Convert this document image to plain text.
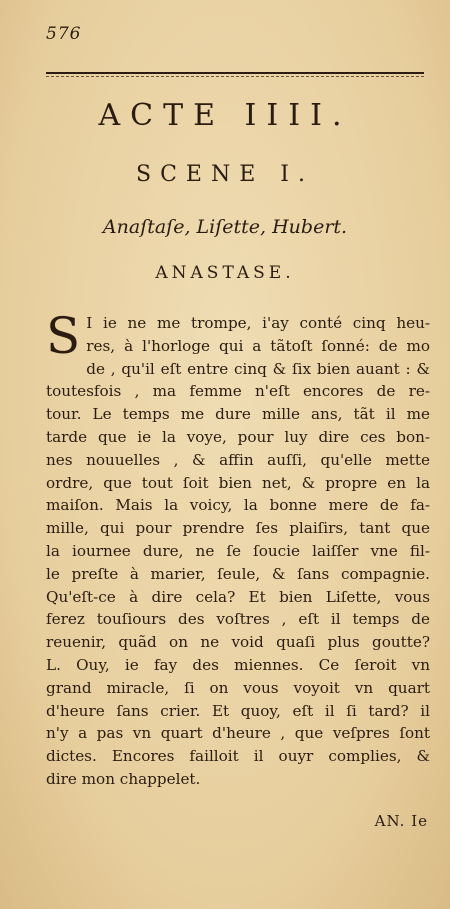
576
ACTE IIII.
SCENE I.
Anaſtaſe, Liſette, Hubert.
ANASTASE.
S I ie ne me trompe, i'ay conté cinq heu-
res, à l'horloge qui a tãtoſt ſonné: de mo
de , qu'il eſt entre cinq & ſix bien auant : &
toutesfois , ma femme n'eſt encores de re-
tour. Le temps me dure mille ans, tãt il me
tarde que ie la voye, pour luy dire ces bon-
nes nouuelles , & affin auſſi, qu'elle mette
ordre, que tout ſoit bien net, & propre en la
maiſon. Mais la voicy, la bonne mere de fa-
mille, qui pour prendre ſes plaiſirs, tant que
la iournee dure, ne ſe ſoucie laiſſer vne fil-
le preſte à marier, ſeule, & ſans compagnie.
Qu'eſt-ce à dire cela? Et bien Liſette, vous
ferez touſiours des voſtres , eſt il temps de
reuenir, quãd on ne void quaſi plus goutte?
L. Ouy, ie fay des miennes. Ce ſeroit vn
grand miracle, ſi on vous voyoit vn quart
d'heure ſans crier. Et quoy, eſt il ſi tard? il
n'y a pas vn quart d'heure , que veſpres ſont
dictes. Encores failloit il ouyr complies, &
dire mon chappelet.
AN. Ie
